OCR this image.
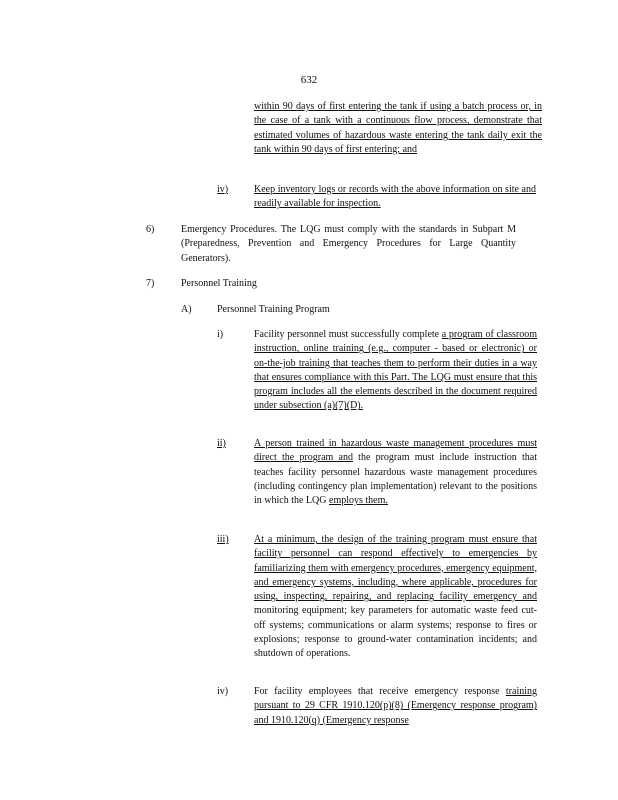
632

within 90 days of first entering the tank if using a batch process or, in the case of a tank with a continuous flow process, demonstrate that estimated volumes of hazardous waste entering the tank daily exit the tank within 90 days of first entering; and

iv)	Keep inventory logs or records with the above information on site and readily available for inspection.

6)	Emergency Procedures. The LQG must comply with the standards in Subpart M (Preparedness, Prevention and Emergency Procedures for Large Quantity Generators).

7)	Personnel Training

A)	Personnel Training Program

i)	Facility personnel must successfully complete a program of classroom instruction, online training (e.g., computer - based or electronic) or on-the-job training that teaches them to perform their duties in a way that ensures compliance with this Part. The LQG must ensure that this program includes all the elements described in the document required under subsection (a)(7)(D).

ii)	A person trained in hazardous waste management procedures must direct the program and the program must include instruction that teaches facility personnel hazardous waste management procedures (including contingency plan implementation) relevant to the positions in which the LQG employs them.

iii)	At a minimum, the design of the training program must ensure that facility personnel can respond effectively to emergencies by familiarizing them with emergency procedures, emergency equipment, and emergency systems, including, where applicable, procedures for using, inspecting, repairing, and replacing facility emergency and monitoring equipment; key parameters for automatic waste feed cut-off systems; communications or alarm systems; response to fires or explosions; response to ground-water contamination incidents; and shutdown of operations.

iv)	For facility employees that receive emergency response training pursuant to 29 CFR 1910.120(p)(8) (Emergency response program) and 1910.120(q) (Emergency response
